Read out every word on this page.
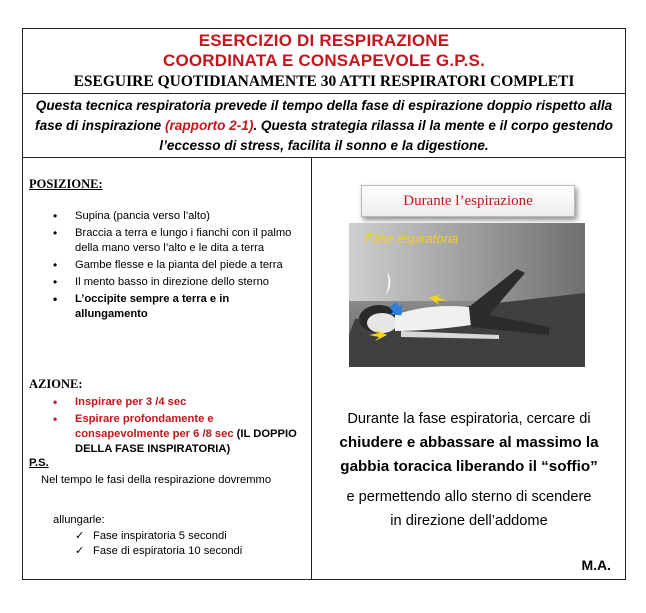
ESERCIZIO DI RESPIRAZIONE
COORDINATA E CONSAPEVOLE G.P.S.
ESEGUIRE QUOTIDIANAMENTE 30 ATTI RESPIRATORI COMPLETI
Questa tecnica respiratoria prevede il tempo della fase di espirazione doppio rispetto alla fase di inspirazione (rapporto 2-1). Questa strategia rilassa il la mente e il corpo gestendo l’eccesso di stress, facilita il sonno e la digestione.
POSIZIONE:
• Supina (pancia verso l’alto)
• Braccia a terra e lungo i fianchi con il palmo della mano verso l’alto e le dita a terra
• Gambe flesse e la pianta del piede a terra
• Il mento basso in direzione dello sterno
• L’occipite sempre a terra e in allungamento
AZIONE:
• Inspirare per 3 /4 sec
• Espirare profondamente e consapevolmente per 6 /8 sec (IL DOPPIO DELLA FASE INSPIRATORIA)
P.S.
Nel tempo le fasi della respirazione dovremmo
allungarle:
✓ Fase inspiratoria 5 secondi
✓ Fase di espiratoria 10 secondi
Durante l’espirazione
Fase espiratoria
Durante la fase espiratoria, cercare di
chiudere e abbassare al massimo la
gabbia toracica liberando il “soffio”
e permettendo allo sterno di scendere
in direzione dell’addome
M.A.
